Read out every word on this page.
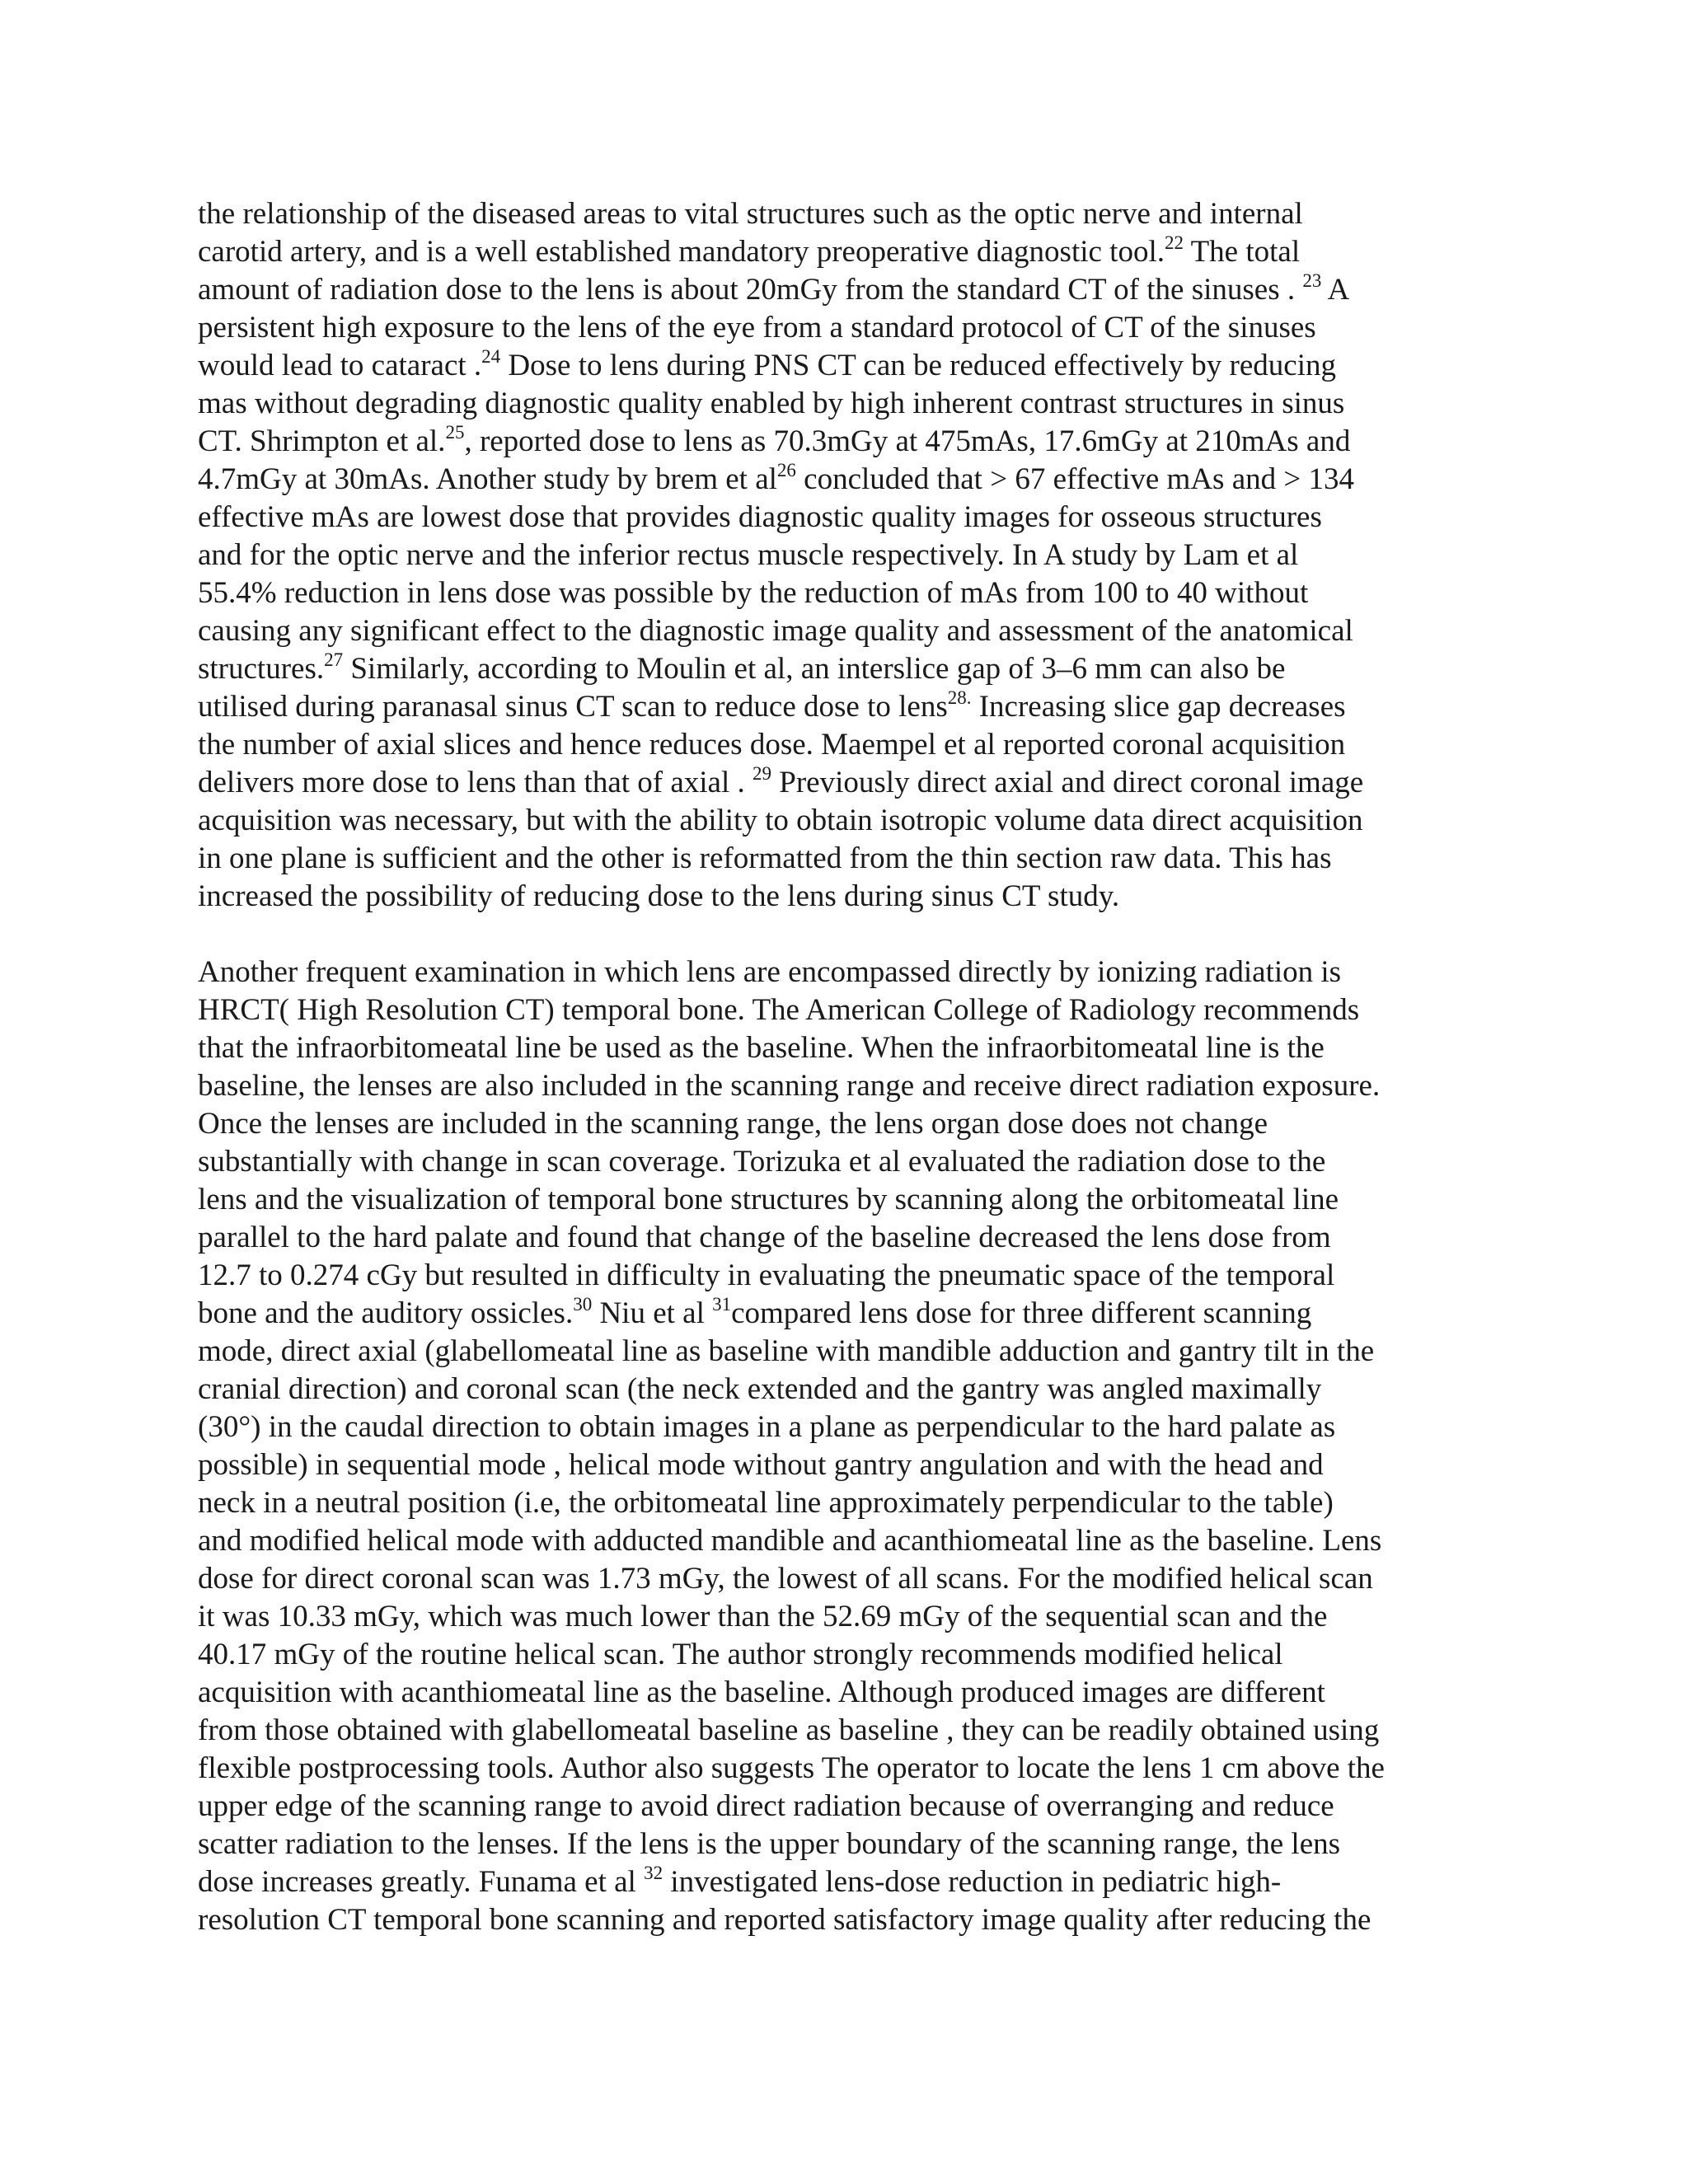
the relationship of the diseased areas to vital structures such as the optic nerve and internal
carotid artery, and is a well established mandatory preoperative diagnostic tool.$^{22}$ The total
amount of radiation dose to the lens is about 20mGy from the standard CT of the sinuses . $^{23}$ A
persistent high exposure to the lens of the eye from a standard protocol of CT of the sinuses
would lead to cataract .$^{24}$ Dose to lens during PNS CT can be reduced effectively by reducing
mas without degrading diagnostic quality enabled by high inherent contrast structures in sinus
CT. Shrimpton et al.$^{25}$, reported dose to lens as 70.3mGy at 475mAs, 17.6mGy at 210mAs and
4.7mGy at 30mAs. Another study by brem et $al^{26}$ concluded that > 67 effective mAs and > 134
effective mAs are lowest dose that provides diagnostic quality images for osseous structures
and for the optic nerve and the inferior rectus muscle respectively. In A study by Lam et al
55.4% reduction in lens dose was possible by the reduction of mAs from 100 to 40 without
causing any significant effect to the diagnostic image quality and assessment of the anatomical
structures.$^{27}$ Similarly, according to Moulin et al, an interslice gap of 3–6 mm can also be
utilised during paranasal sinus CT scan to reduce dose to lens$^{28.}$ Increasing slice gap decreases
the number of axial slices and hence reduces dose. Maempel et al reported coronal acquisition
delivers more dose to lens than that of axial . $^{29}$ Previously direct axial and direct coronal image
acquisition was necessary, but with the ability to obtain isotropic volume data direct acquisition
in one plane is sufficient and the other is reformatted from the thin section raw data. This has
increased the possibility of reducing dose to the lens during sinus CT study.
Another frequent examination in which lens are encompassed directly by ionizing radiation is
HRCT( High Resolution CT) temporal bone. The American College of Radiology recommends
that the infraorbitomeatal line be used as the baseline. When the infraorbitomeatal line is the
baseline, the lenses are also included in the scanning range and receive direct radiation exposure.
Once the lenses are included in the scanning range, the lens organ dose does not change
substantially with change in scan coverage. Torizuka et al evaluated the radiation dose to the
lens and the visualization of temporal bone structures by scanning along the orbitomeatal line
parallel to the hard palate and found that change of the baseline decreased the lens dose from
12.7 to 0.274 cGy but resulted in difficulty in evaluating the pneumatic space of the temporal
bone and the auditory ossicles.$^{30}$ Niu et al $^{31}$compared lens dose for three different scanning
mode, direct axial (glabellomeatal line as baseline with mandible adduction and gantry tilt in the
cranial direction) and coronal scan (the neck extended and the gantry was angled maximally
(30°) in the caudal direction to obtain images in a plane as perpendicular to the hard palate as
possible) in sequential mode , helical mode without gantry angulation and with the head and
neck in a neutral position (i.e, the orbitomeatal line approximately perpendicular to the table)
and modified helical mode with adducted mandible and acanthiomeatal line as the baseline. Lens
dose for direct coronal scan was 1.73 mGy, the lowest of all scans. For the modified helical scan
it was 10.33 mGy, which was much lower than the 52.69 mGy of the sequential scan and the
40.17 mGy of the routine helical scan. The author strongly recommends modified helical
acquisition with acanthiomeatal line as the baseline. Although produced images are different
from those obtained with glabellomeatal baseline as baseline , they can be readily obtained using
flexible postprocessing tools. Author also suggests The operator to locate the lens 1 cm above the
upper edge of the scanning range to avoid direct radiation because of overranging and reduce
scatter radiation to the lenses. If the lens is the upper boundary of the scanning range, the lens
dose increases greatly. Funama et al $^{32}$ investigated lens-dose reduction in pediatric high-
resolution CT temporal bone scanning and reported satisfactory image quality after reducing the
